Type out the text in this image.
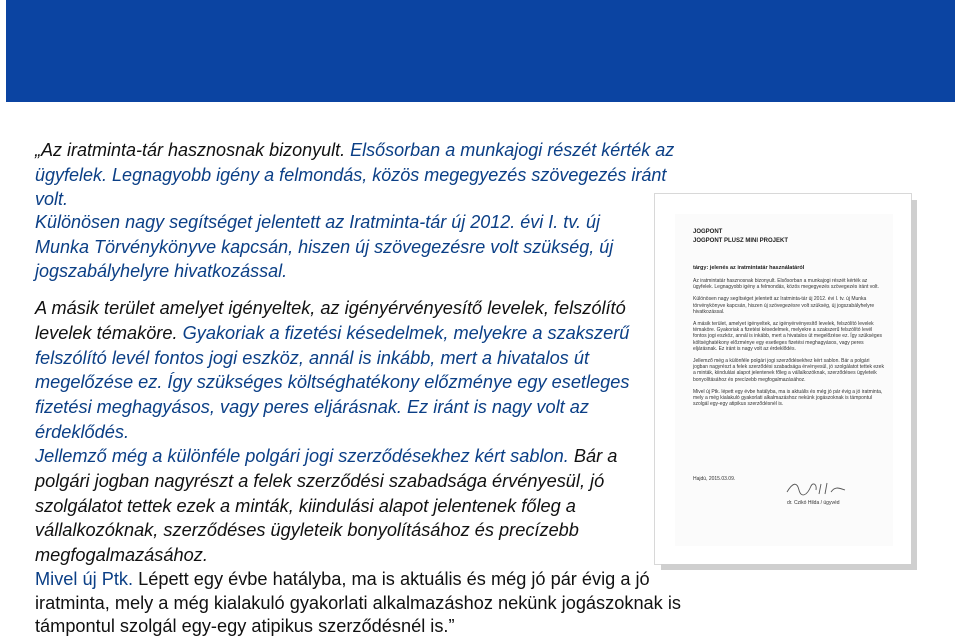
„Az iratminta-tár hasznosnak bizonyult. Elsősorban a munkajogi részét kérték az ügyfelek. Legnagyobb igény a felmondás, közös megegyezés szövegezés iránt volt.

Különösen nagy segítséget jelentett az Iratminta-tár új 2012. évi I. tv. új Munka Törvénykönyve kapcsán, hiszen új szövegezésre volt szükség, új jogszabályhelyre hivatkozással.

A másik terület amelyet igényeltek, az igényérvényesítő levelek, felszólító levelek témaköre. Gyakoriak a fizetési késedelmek, melyekre a szakszerű felszólító levél fontos jogi eszköz, annál is inkább, mert a hivatalos út megelőzése ez. Így szükséges költséghatékony előzménye egy esetleges fizetési meghagyásos, vagy peres eljárásnak. Ez iránt is nagy volt az érdeklődés.

Jellemző még a különféle polgári jogi szerződésekhez kért sablon. Bár a polgári jogban nagyrészt a felek szerződési szabadsága érvényesül, jó szolgálatot tettek ezek a minták, kiindulási alapot jelentenek főleg a vállalkozóknak, szerződéses ügyleteik bonyolításához és precízebb megfogalmazásához.

Mivel új Ptk. Lépett egy évbe hatályba, ma is aktuális és még jó pár évig a jó iratminta, mely a még kialakuló gyakorlati alkalmazáshoz nekünk jogászoknak is támpontul szolgál egy-egy atipikus szerződésnél is.”

JOGPONT
JOGPONT PLUSZ MINI PROJEKT
tárgy: jelenés az iratmintatár használatáról

Az iratmintatár hasznosnak bizonyult. Elsősorban a munkajogi részét kérték az ügyfelek. Legnagyobb igény a felmondás, közös megegyezés szövegezés iránt volt.

Különösen nagy segítséget jelentett az Iratminta-tár új 2012. évi I. tv. új Munka törvénykönyve kapcsán, hiszen új szövegezésre volt szükség, új jogszabályhelyre hivatkozással.

A másik terület, amelyet igényeltek, az igényérvényesítő levelek, felszólító levelek témaköre. Gyakoriak a fizetési késedelmek, melyekre a szakszerű felszólító levél fontos jogi eszköz, annál is inkább, mert a hivatalos út megelőzése ez. Így szükséges költséghatékony előzménye egy esetleges fizetési meghagyásos, vagy peres eljárásnak. Ez iránt is nagy volt az érdeklődés.

Jellemző még a különféle polgári jogi szerződésekhez kért sablon. Bár a polgári jogban nagyrészt a felek szerződési szabadsága érvényesül, jó szolgálatot tettek ezek a minták, kiindulási alapot jelentenek főleg a vállalkozóknak, szerződéses ügyleteik bonyolításához és precízebb megfogalmazásához.

Mivel új Ptk. lépett egy évbe hatályba, ma is aktuális és még jó pár évig a jó iratminta, mely a még kialakuló gyakorlati alkalmazáshoz nekünk jogászoknak is támpontul szolgál egy-egy atipikus szerződésnél is.

Hajdú, 2015.03.09.
dr. Czikó Hilda / ügyvéd
